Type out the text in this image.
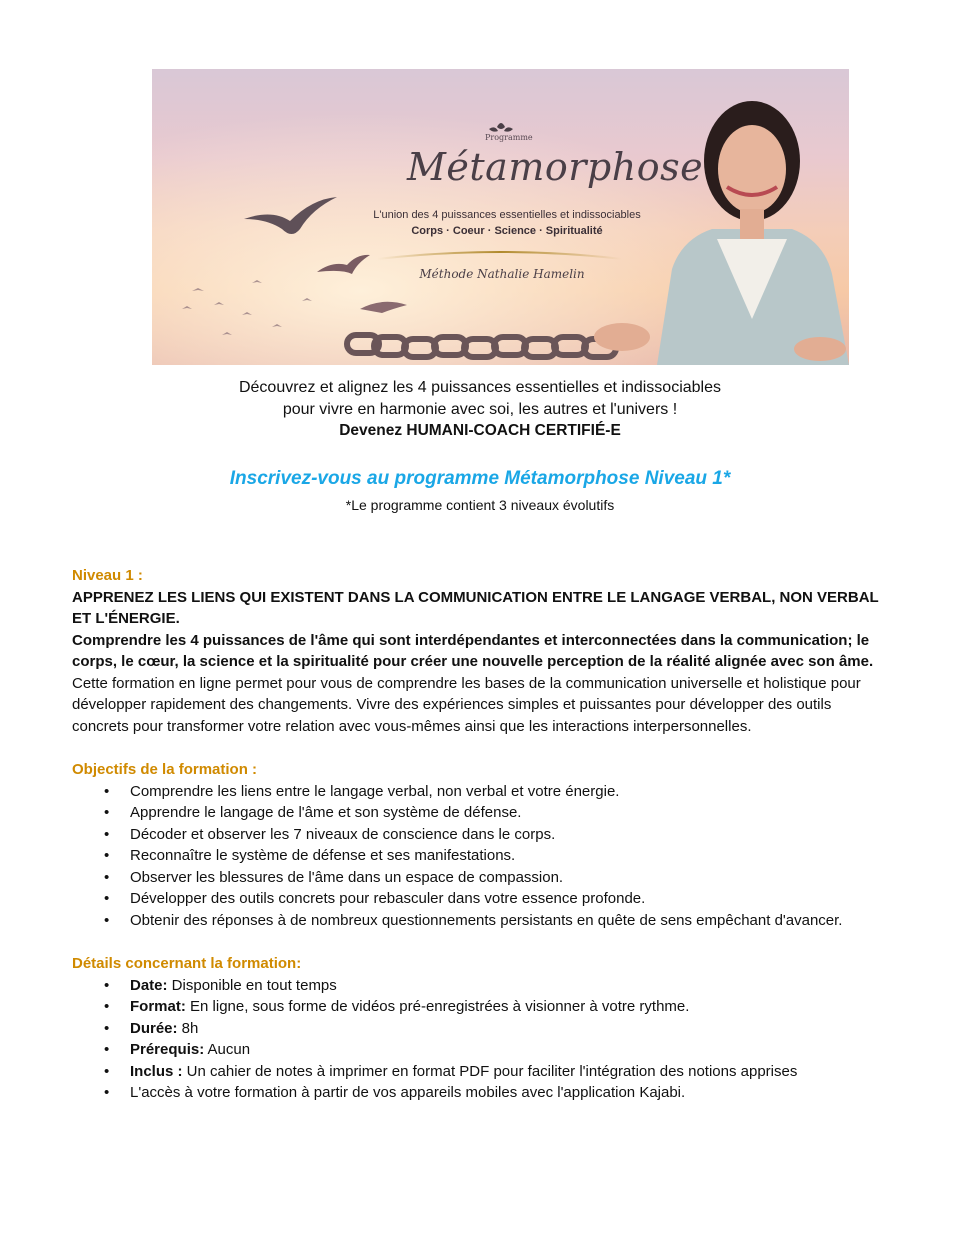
Programme
Métamorphose
L'union des 4 puissances essentielles et indissociables
Corps · Coeur · Science · Spiritualité
Méthode Nathalie Hamelin
Découvrez et alignez les 4 puissances essentielles et indissociables
pour vivre en harmonie avec soi, les autres et l'univers !
Devenez HUMANI-COACH CERTIFIÉ-E
Inscrivez-vous au programme Métamorphose Niveau 1*
*Le programme contient 3 niveaux évolutifs
Niveau 1 :

APPRENEZ LES LIENS QUI EXISTENT DANS LA COMMUNICATION ENTRE LE LANGAGE VERBAL, NON VERBAL ET L'ÉNERGIE.

Comprendre les 4 puissances de l'âme qui sont interdépendantes et interconnectées dans la communication; le corps, le cœur, la science et la spiritualité pour créer une nouvelle perception de la réalité alignée avec son âme.

Cette formation en ligne permet pour vous de comprendre les bases de la communication universelle et holistique pour développer rapidement des changements. Vivre des expériences simples et puissantes pour développer des outils concrets pour transformer votre relation avec vous-mêmes ainsi que les interactions interpersonnelles.

Objectifs de la formation :
• Comprendre les liens entre le langage verbal, non verbal et votre énergie.
• Apprendre le langage de l'âme et son système de défense.
• Décoder et observer les 7 niveaux de conscience dans le corps.
• Reconnaître le système de défense et ses manifestations.
• Observer les blessures de l'âme dans un espace de compassion.
• Développer des outils concrets pour rebasculer dans votre essence profonde.
• Obtenir des réponses à de nombreux questionnements persistants en quête de sens empêchant d'avancer.
Détails concernant la formation:
• Date: Disponible en tout temps
• Format: En ligne, sous forme de vidéos pré-enregistrées à visionner à votre rythme.
• Durée: 8h
• Prérequis: Aucun
• Inclus : Un cahier de notes à imprimer en format PDF pour faciliter l'intégration des notions apprises
• L'accès à votre formation à partir de vos appareils mobiles avec l'application Kajabi.
